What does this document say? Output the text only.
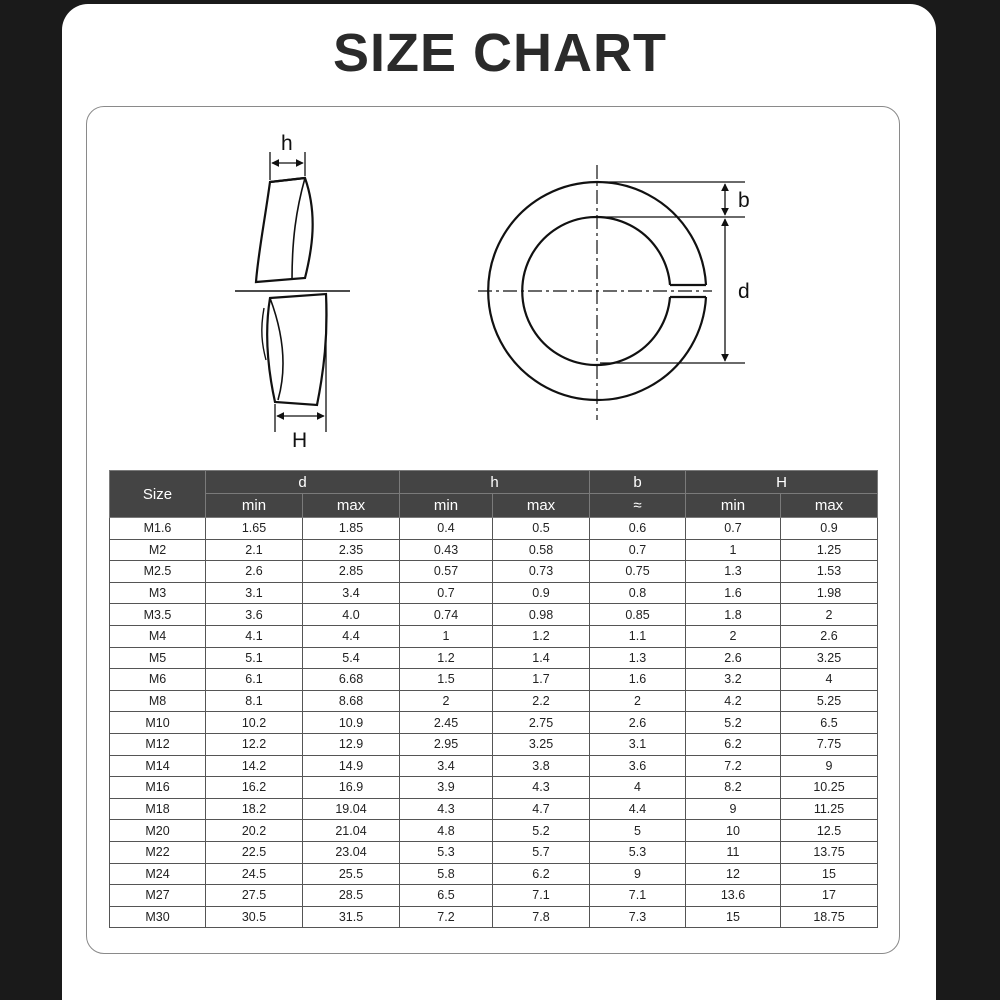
SIZE CHART
h
H
b
d
Size	d		h		b	H	
	min	max	min	max	≈	min	max
M1.6	1.65	1.85	0.4	0.5	0.6	0.7	0.9
M2	2.1	2.35	0.43	0.58	0.7	1	1.25
M2.5	2.6	2.85	0.57	0.73	0.75	1.3	1.53
M3	3.1	3.4	0.7	0.9	0.8	1.6	1.98
M3.5	3.6	4.0	0.74	0.98	0.85	1.8	2
M4	4.1	4.4	1	1.2	1.1	2	2.6
M5	5.1	5.4	1.2	1.4	1.3	2.6	3.25
M6	6.1	6.68	1.5	1.7	1.6	3.2	4
M8	8.1	8.68	2	2.2	2	4.2	5.25
M10	10.2	10.9	2.45	2.75	2.6	5.2	6.5
M12	12.2	12.9	2.95	3.25	3.1	6.2	7.75
M14	14.2	14.9	3.4	3.8	3.6	7.2	9
M16	16.2	16.9	3.9	4.3	4	8.2	10.25
M18	18.2	19.04	4.3	4.7	4.4	9	11.25
M20	20.2	21.04	4.8	5.2	5	10	12.5
M22	22.5	23.04	5.3	5.7	5.3	11	13.75
M24	24.5	25.5	5.8	6.2	9	12	15
M27	27.5	28.5	6.5	7.1	7.1	13.6	17
M30	30.5	31.5	7.2	7.8	7.3	15	18.75
